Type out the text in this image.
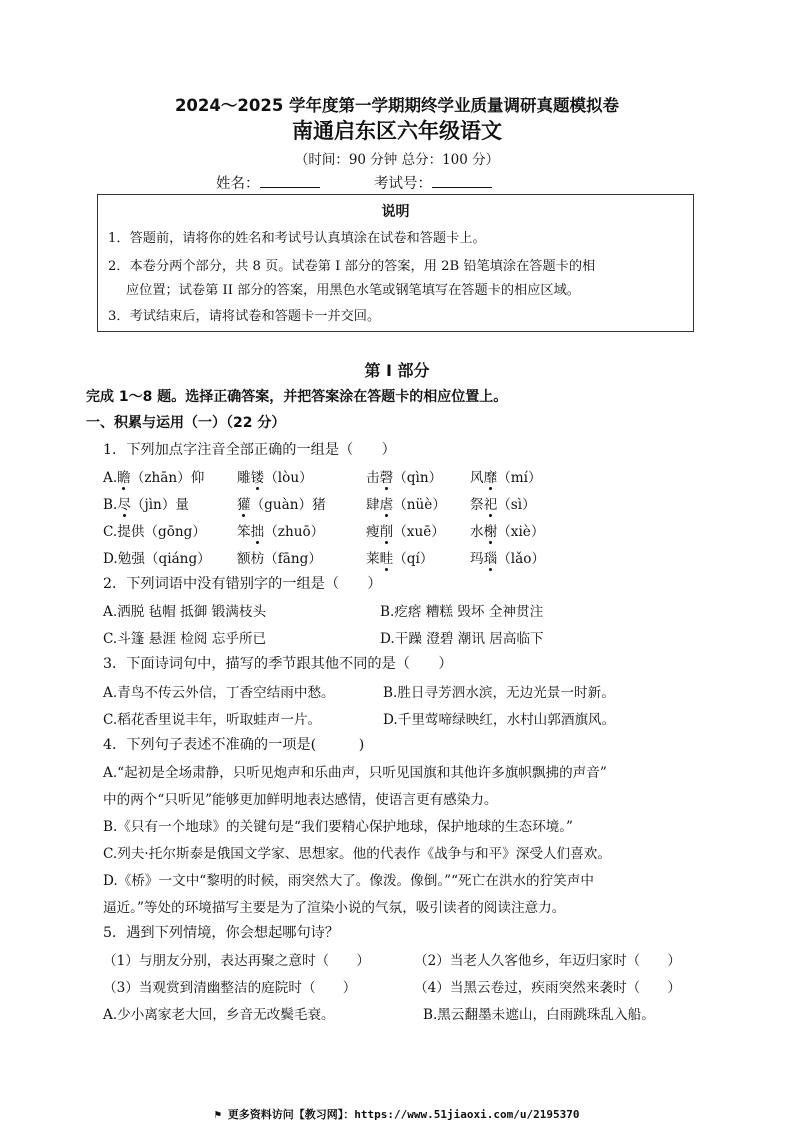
2024～2025 学年度第一学期期终学业质量调研真题模拟卷
南通启东区六年级语文
（时间：90 分钟 总分：100 分）
姓名：	考试号：
说明
1．答题前，请将你的姓名和考试号认真填涂在试卷和答题卡上。
2．本卷分两个部分，共 8 页。试卷第 I 部分的答案，用 2B 铅笔填涂在答题卡的相
应位置；试卷第 II 部分的答案，用黑色水笔或钢笔填写在答题卡的相应区域。
3．考试结束后，请将试卷和答题卡一并交回。
第 I 部分
完成 1～8 题。选择正确答案，并把答案涂在答题卡的相应位置上。
一、积累与运用（一）（22 分）
1．下列加点字注音全部正确的一组是（　　）
A.瞻（zhān）仰 雕镂（lòu）	击磬（qìn） 风靡（mí）
B.尽（jìn）量	獾（guàn）猪	肆虐（nüè） 祭祀（sì）
C.提供（gōng） 笨拙（zhuō）	瘦削（xuē） 水榭（xiè）
D.勉强（qiáng） 额枋（fāng）	莱畦（qí）	玛瑙（lǎo）
2．下列词语中没有错别字的一组是（　　）
A.洒脱 毡帽 抵御 锻满枝头	B.疙瘩 糟糕 毁坏 全神贯注
C.斗篷 悬涯 检阅 忘乎所已	D.干躁 澄碧 潮讯 居高临下
3．下面诗词句中，描写的季节跟其他不同的是（　　）
A.青鸟不传云外信，丁香空结雨中愁。	B.胜日寻芳泗水滨，无边光景一时新。
C.稻花香里说丰年，听取蛙声一片。	D.千里莺啼绿映红，水村山郭酒旗风。
4．下列句子表述不准确的一项是(　　　)
A.“起初是全场肃静，只听见炮声和乐曲声，只听见国旗和其他许多旗帜飘拂的声音”
中的两个“只听见”能够更加鲜明地表达感情，使语言更有感染力。
B.《只有一个地球》的关键句是“我们要精心保护地球，保护地球的生态环境。”
C.列夫·托尔斯泰是俄国文学家、思想家。他的代表作《战争与和平》深受人们喜欢。
D.《桥》一文中“黎明的时候，雨突然大了。像泼。像倒。”“死亡在洪水的狞笑声中
逼近。”等处的环境描写主要是为了渲染小说的气氛，吸引读者的阅读注意力。
5．遇到下列情境，你会想起哪句诗？
（1）与朋友分别，表达再聚之意时（　　）	（2）当老人久客他乡，年迈归家时（　　）
（3）当观赏到清幽整洁的庭院时（　　）	（4）当黑云卷过，疾雨突然来袭时（　　）
A.少小离家老大回，乡音无改鬓毛衰。	B.黑云翻墨未遮山，白雨跳珠乱入船。
⚑ 更多资料访问【教习网】：https://www.51jiaoxi.com/u/2195370
